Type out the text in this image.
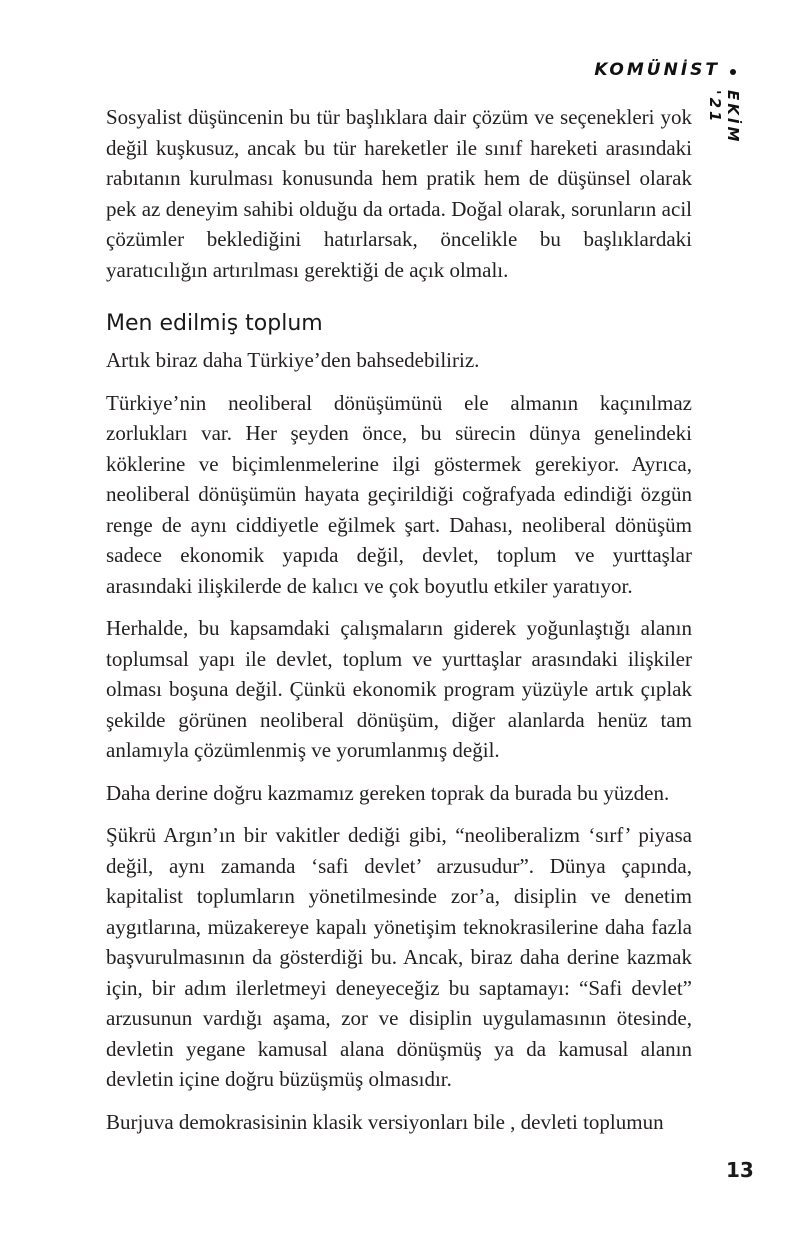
KOMÜNİST
EKİM '21

Sosyalist düşüncenin bu tür başlıklara dair çözüm ve seçenekleri yok değil kuşkusuz, ancak bu tür hareketler ile sınıf hareketi arasındaki rabıtanın kurulması konusunda hem pratik hem de düşünsel olarak pek az deneyim sahibi olduğu da ortada. Doğal olarak, sorunların acil çözümler beklediğini hatırlarsak, öncelikle bu başlıklardaki yaratıcılığın artırılması gerektiği de açık olmalı.

Men edilmiş toplum

Artık biraz daha Türkiye’den bahsedebiliriz.

Türkiye’nin neoliberal dönüşümünü ele almanın kaçınılmaz zorlukları var. Her şeyden önce, bu sürecin dünya genelindeki köklerine ve biçimlenmelerine ilgi göstermek gerekiyor. Ayrıca, neoliberal dönüşümün hayata geçirildiği coğrafyada edindiği özgün renge de aynı ciddiyetle eğilmek şart. Dahası, neoliberal dönüşüm sadece ekonomik yapıda değil, devlet, toplum ve yurttaşlar arasındaki ilişkilerde de kalıcı ve çok boyutlu etkiler yaratıyor.

Herhalde, bu kapsamdaki çalışmaların giderek yoğunlaştığı alanın toplumsal yapı ile devlet, toplum ve yurttaşlar arasındaki ilişkiler olması boşuna değil. Çünkü ekonomik program yüzüyle artık çıplak şekilde görünen neoliberal dönüşüm, diğer alanlarda henüz tam anlamıyla çözümlenmiş ve yorumlanmış değil.

Daha derine doğru kazmamız gereken toprak da burada bu yüzden.

Şükrü Argın’ın bir vakitler dediği gibi, “neoliberalizm ‘sırf’ piyasa değil, aynı zamanda ‘safi devlet’ arzusudur”. Dünya çapında, kapitalist toplumların yönetilmesinde zor’a, disiplin ve denetim aygıtlarına, müzakereye kapalı yönetişim teknokrasilerine daha fazla başvurulmasının da gösterdiği bu. Ancak, biraz daha derine kazmak için, bir adım ilerletmeyi deneyeceğiz bu saptamayı: “Safi devlet” arzusunun vardığı aşama, zor ve disiplin uygulamasının ötesinde, devletin yegane kamusal alana dönüşmüş ya da kamusal alanın devletin içine doğru büzüşmüş olmasıdır.

Burjuva demokrasisinin klasik versiyonları bile , devleti toplumun

13
